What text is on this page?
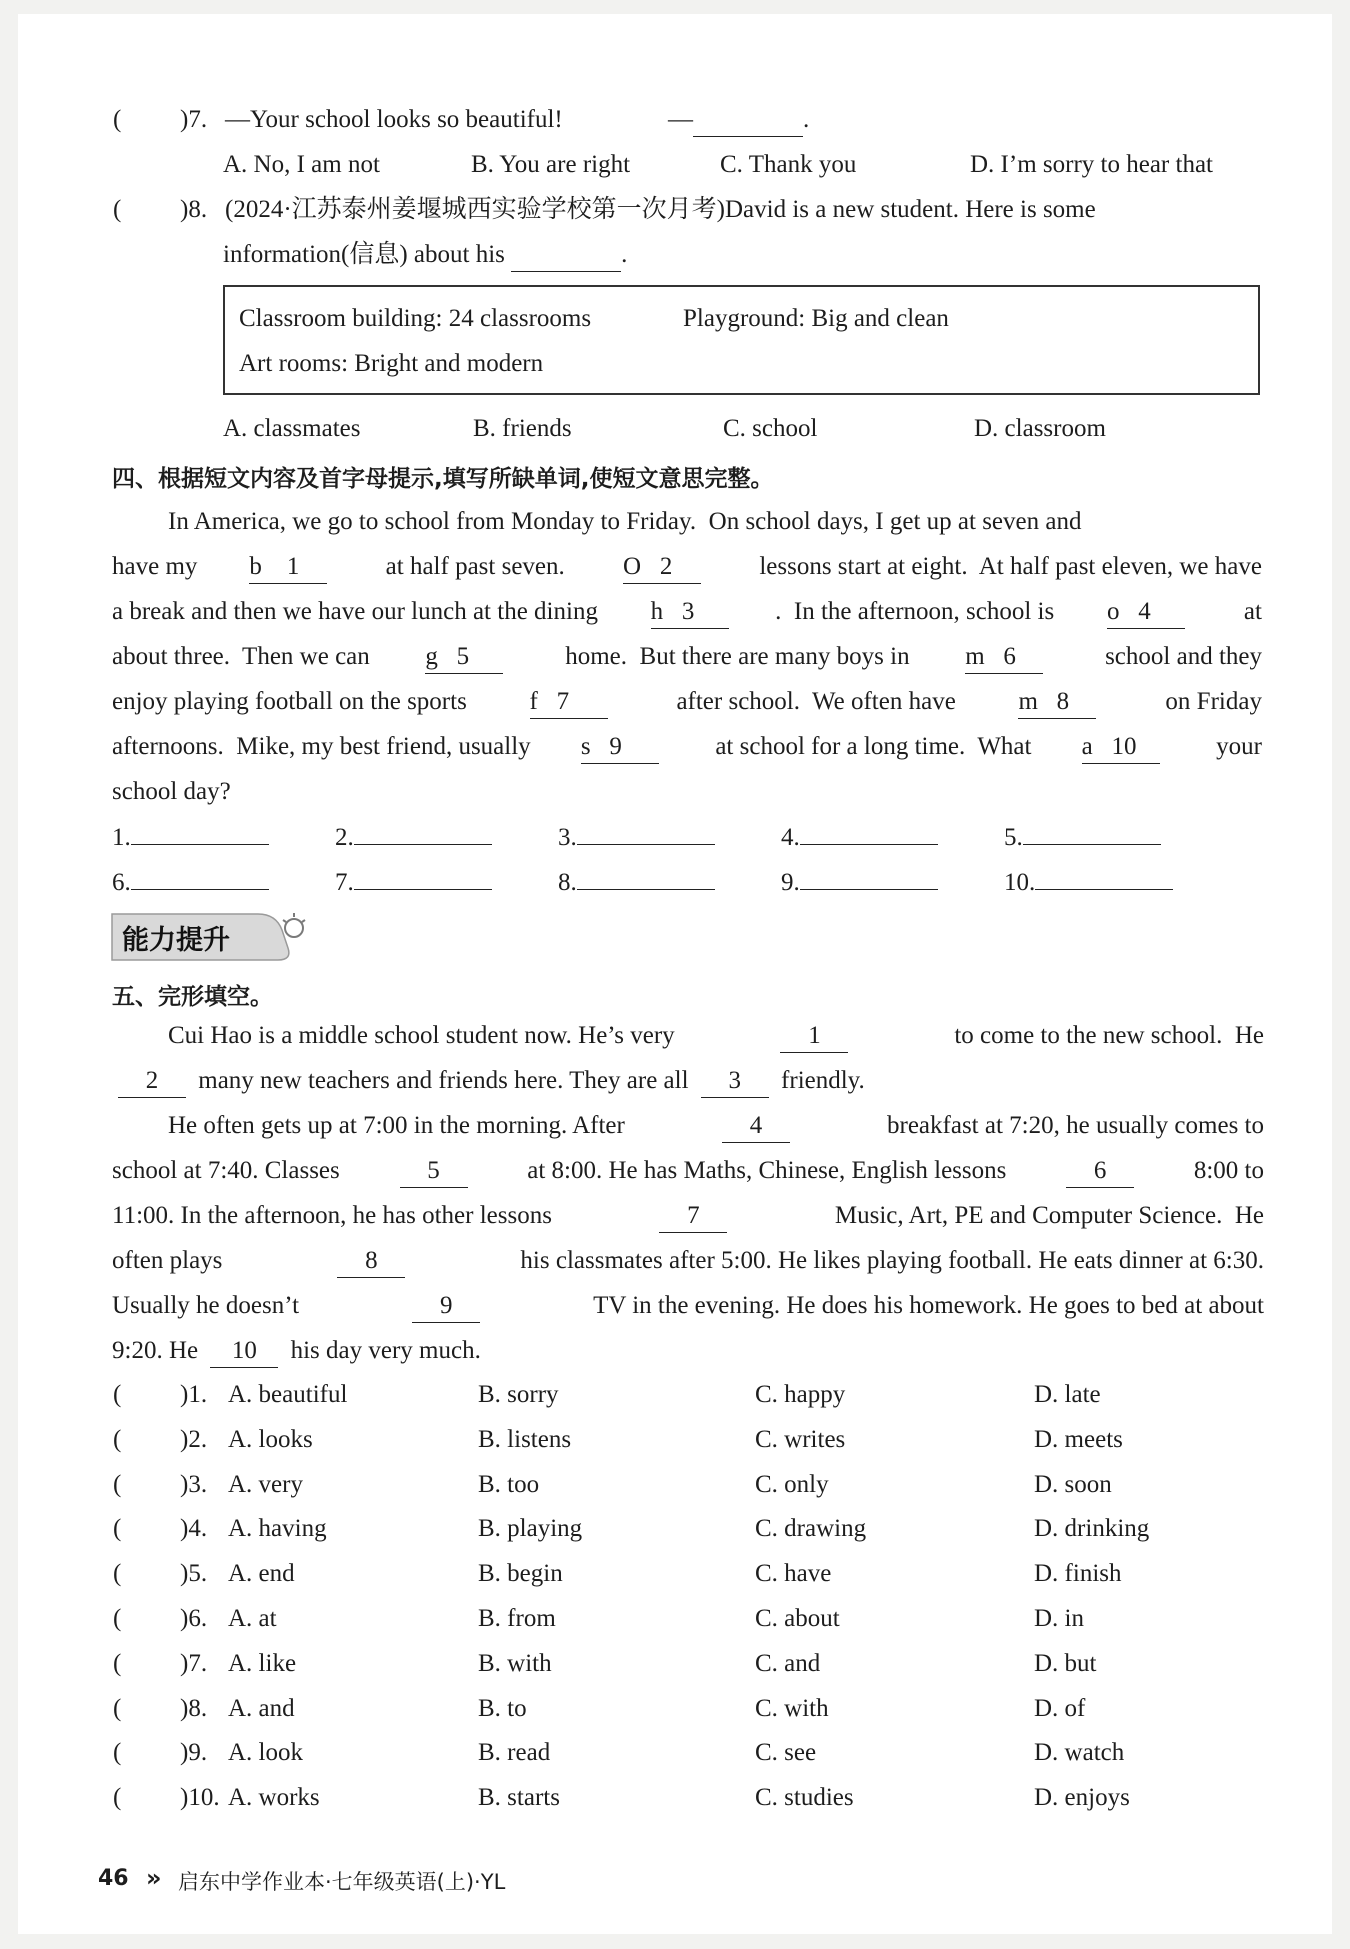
( )7. —Your school looks so beautiful!	—	.
A. No, I am not	B. You are right	C. Thank you	D. I’m sorry to hear that
( )8. (2024·江苏泰州姜堰城西实验学校第一次月考)David is a new student. Here is some
information(信息) about his	.
Classroom building: 24 classrooms	Playground: Big and clean
Art rooms: Bright and modern
A. classmates	B. friends	C. school	D. classroom
四、根据短文内容及首字母提示,填写所缺单词,使短文意思完整。
In America, we go to school from Monday to Friday.  On school days, I get up at seven and
have my b    1	at half past seven. O   2	lessons start at eight.  At half past eleven, we have
a break and then we have our lunch at the dining h   3	.  In the afternoon, school is o   4	at
about three.  Then we can g   5	home.  But there are many boys in m   6	school and they
enjoy playing football on the sports f   7	after school.  We often have m   8	on Friday
afternoons.  Mike, my best friend, usually s   9	at school for a long time.  What a   10	your
school day?
1.	2.	3.	4.	5.
6.	7.	8.	9.	10.
能力提升
五、完形填空。
Cui Hao is a middle school student now. He’s very	1	to come to the new school.  He
2 many new teachers and friends here. They are all 3 friendly.
He often gets up at 7:00 in the morning. After	4	breakfast at 7:20, he usually comes to
school at 7:40. Classes	5	at 8:00. He has Maths, Chinese, English lessons	6	8:00 to
11:00. In the afternoon, he has other lessons	7	Music, Art, PE and Computer Science.  He
often plays	8	his classmates after 5:00. He likes playing football. He eats dinner at 6:30.
Usually he doesn’t	9	TV in the evening. He does his homework. He goes to bed at about
9:20. He 10 his day very much.
( )1. A. beautiful	B. sorry	C. happy	D. late
( )2. A. looks	B. listens	C. writes	D. meets
( )3. A. very	B. too	C. only	D. soon
( )4. A. having	B. playing	C. drawing	D. drinking
( )5. A. end	B. begin	C. have	D. finish
( )6. A. at	B. from	C. about	D. in
( )7. A. like	B. with	C. and	D. but
( )8. A. and	B. to	C. with	D. of
( )9. A. look	B. read	C. see	D. watch
( )10. A. works	B. starts	C. studies	D. enjoys
46 » 启东中学作业本·七年级英语(上)·YL
